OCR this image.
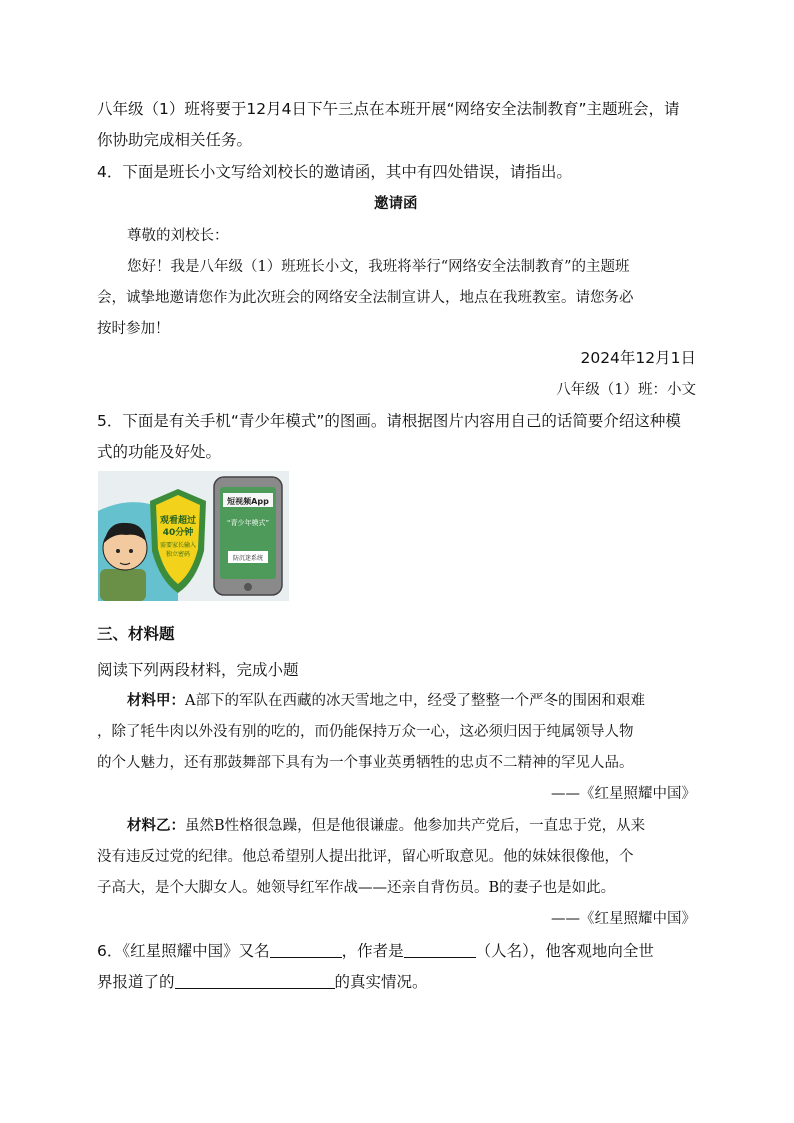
八年级（1）班将要于12月4日下午三点在本班开展“网络安全法制教育”主题班会，请
你协助完成相关任务。
4．下面是班长小文写给刘校长的邀请函，其中有四处错误，请指出。
邀请函
尊敬的刘校长：
您好！我是八年级（1）班班长小文，我班将举行“网络安全法制教育”的主题班
会，诚挚地邀请您作为此次班会的网络安全法制宣讲人，地点在我班教室。请您务必
按时参加！
2024年12月1日
八年级（1）班：小文
5．下面是有关手机“青少年模式”的图画。请根据图片内容用自己的话简要介绍这种模
式的功能及好处。
观看超过
40分钟
需要家长输入
独立密码
短视频App
“青少年模式”
防沉迷系统
三、材料题
阅读下列两段材料，完成小题
材料甲：A部下的军队在西藏的冰天雪地之中，经受了整整一个严冬的围困和艰难
，除了牦牛肉以外没有别的吃的，而仍能保持万众一心，这必须归因于纯属领导人物
的个人魅力，还有那鼓舞部下具有为一个事业英勇牺牲的忠贞不二精神的罕见人品。
——《红星照耀中国》
材料乙：虽然B性格很急躁，但是他很谦虚。他参加共产党后，一直忠于党，从来
没有违反过党的纪律。他总希望别人提出批评，留心听取意见。他的妹妹很像他，个
子高大，是个大脚女人。她领导红军作战——还亲自背伤员。B的妻子也是如此。
——《红星照耀中国》
6．《红星照耀中国》又名	，作者是	（人名），他客观地向全世
界报道了的	的真实情况。
